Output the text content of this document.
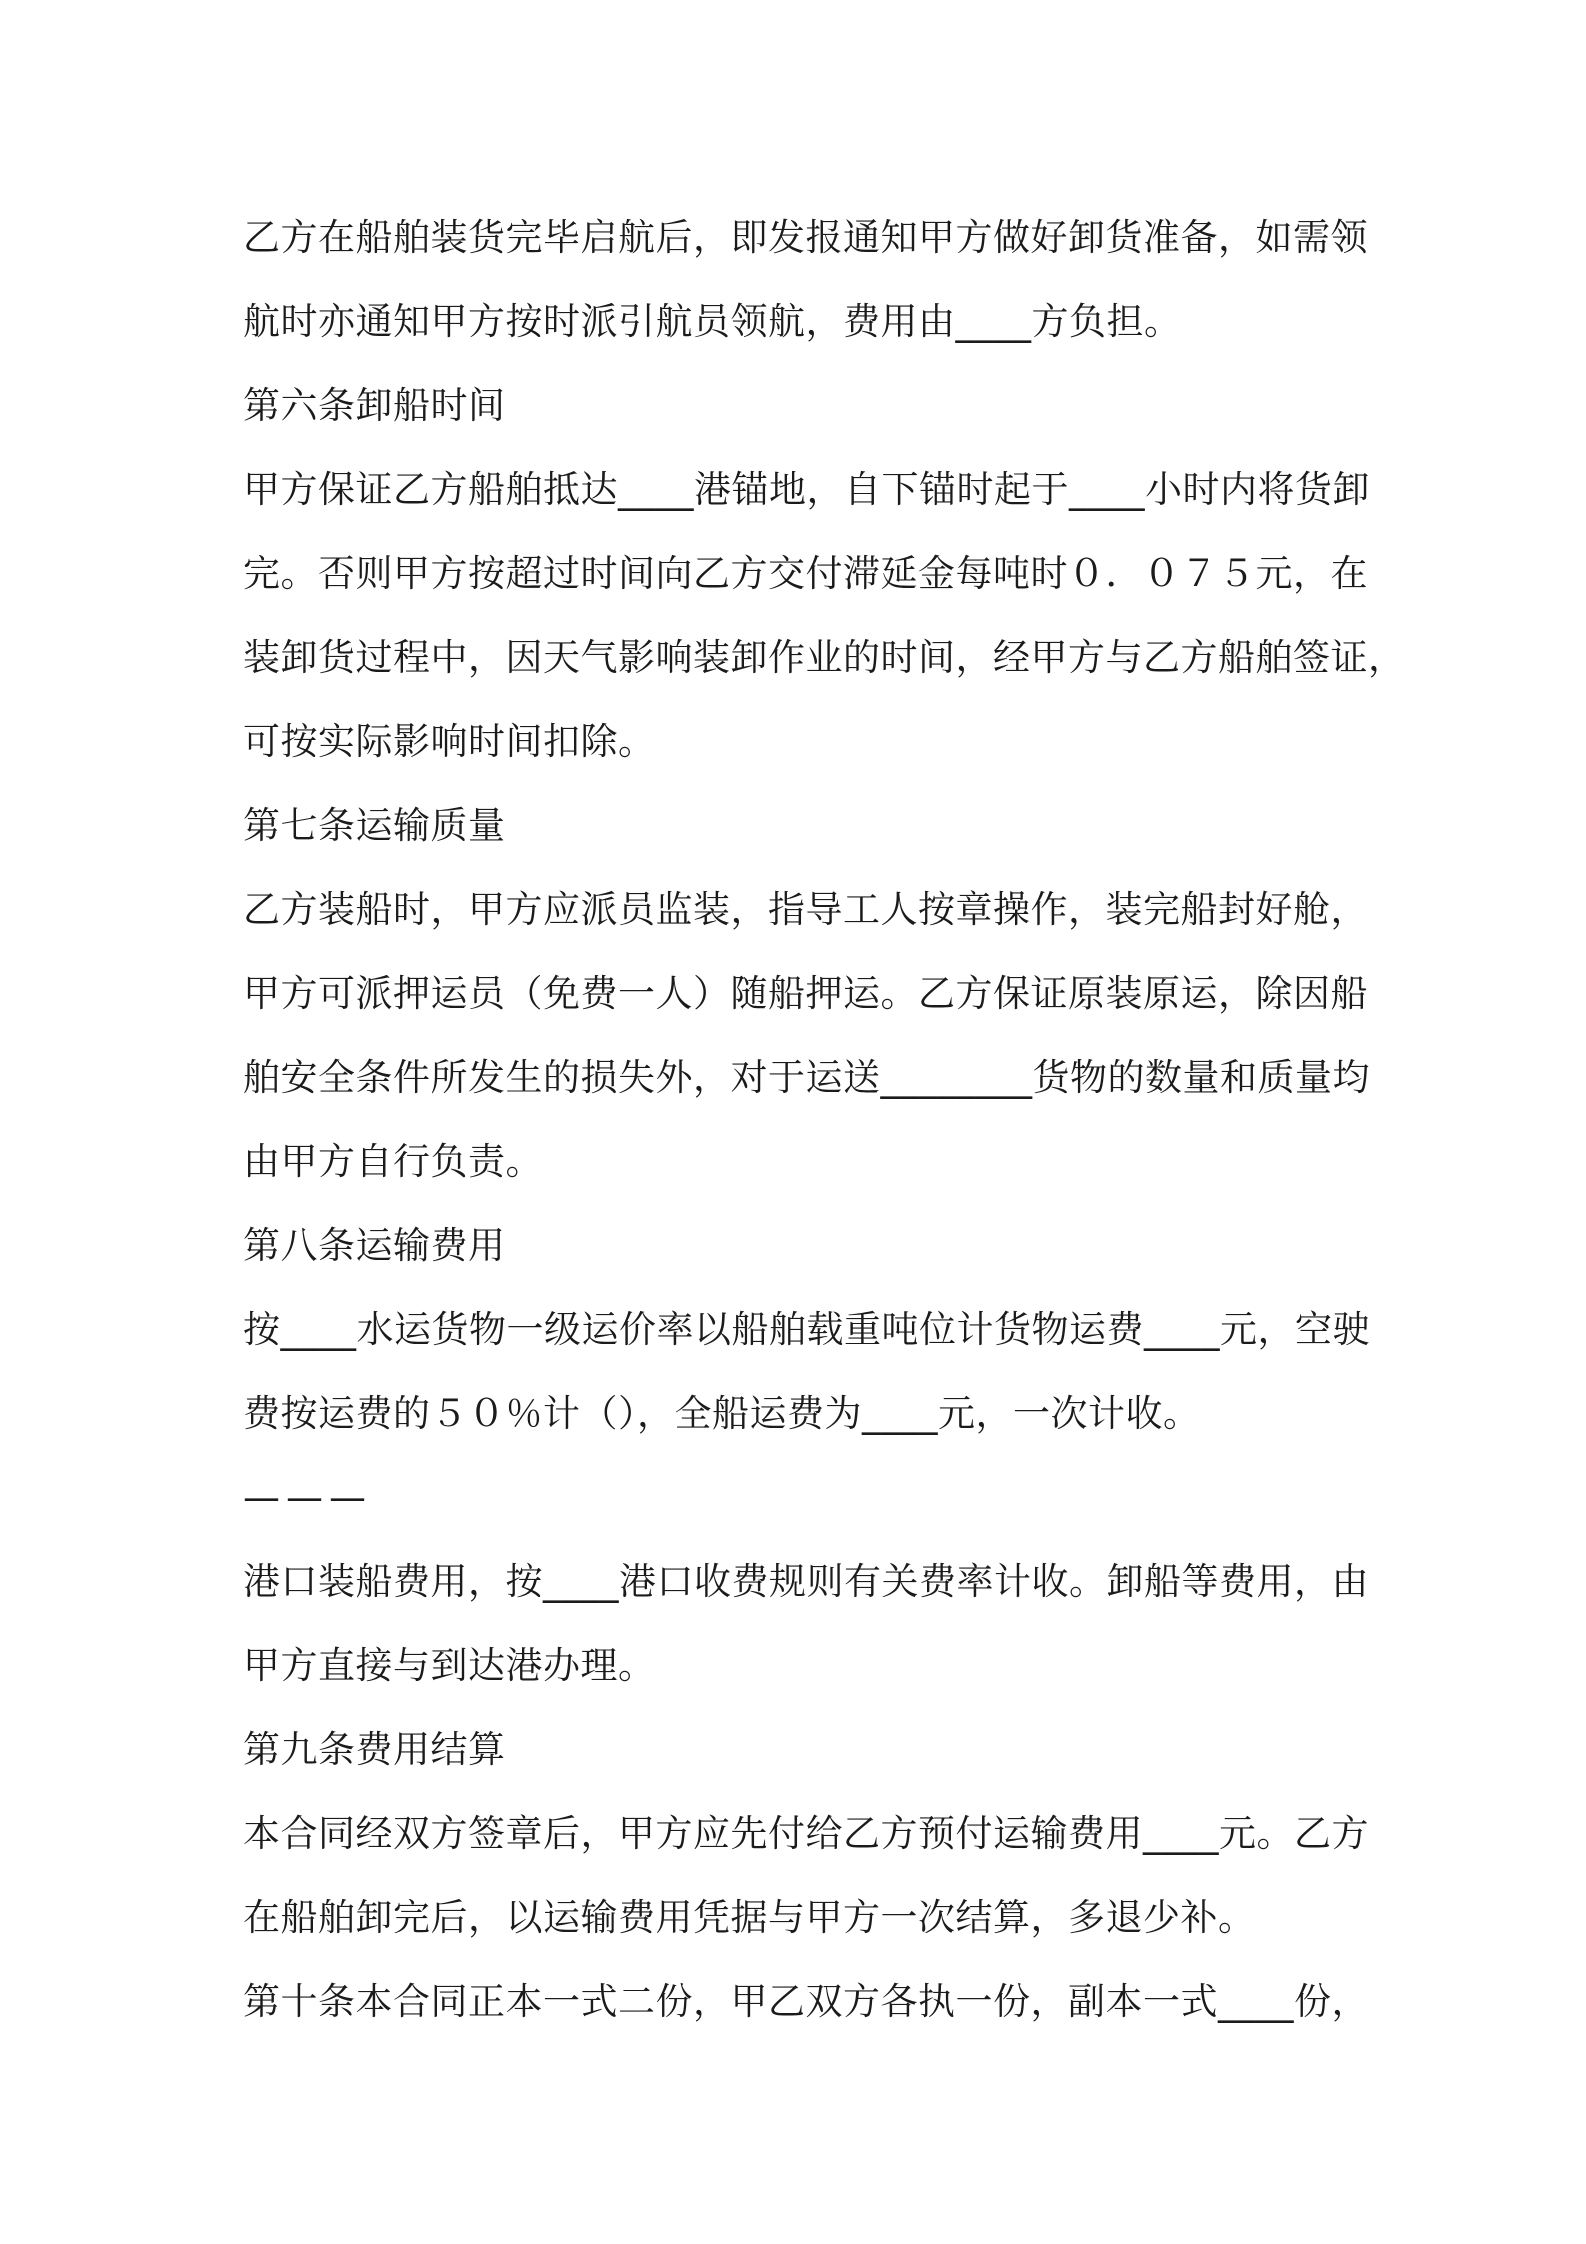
乙方在船舶装货完毕启航后，即发报通知甲方做好卸货准备，如需领
航时亦通知甲方按时派引航员领航，费用由____方负担。
第六条卸船时间
甲方保证乙方船舶抵达____港锚地，自下锚时起于____小时内将货卸
完。否则甲方按超过时间向乙方交付滞延金每吨时０．０７５元，在
装卸货过程中，因天气影响装卸作业的时间，经甲方与乙方船舶签证，
可按实际影响时间扣除。
第七条运输质量
乙方装船时，甲方应派员监装，指导工人按章操作，装完船封好舱，
甲方可派押运员（免费一人）随船押运。乙方保证原装原运，除因船
舶安全条件所发生的损失外，对于运送________货物的数量和质量均
由甲方自行负责。
第八条运输费用
按____水运货物一级运价率以船舶载重吨位计货物运费____元，空驶
费按运费的５０％计（），全船运费为____元，一次计收。
———
港口装船费用，按____港口收费规则有关费率计收。卸船等费用，由
甲方直接与到达港办理。
第九条费用结算
本合同经双方签章后，甲方应先付给乙方预付运输费用____元。乙方
在船舶卸完后，以运输费用凭据与甲方一次结算，多退少补。
第十条本合同正本一式二份，甲乙双方各执一份，副本一式____份，
